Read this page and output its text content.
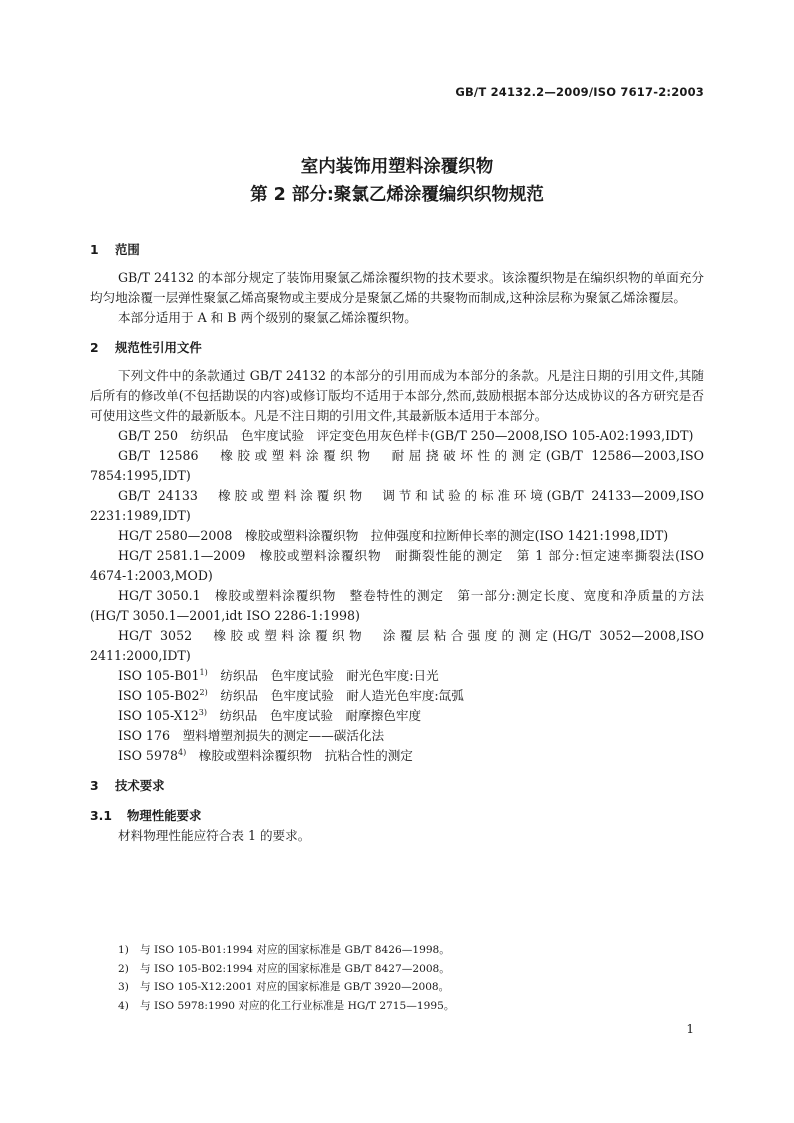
GB/T 24132.2—2009/ISO 7617-2:2003
室内装饰用塑料涂覆织物
第 2 部分:聚氯乙烯涂覆编织织物规范
1 范围

GB/T 24132 的本部分规定了装饰用聚氯乙烯涂覆织物的技术要求。该涂覆织物是在编织织物的单面充分均匀地涂覆一层弹性聚氯乙烯高聚物或主要成分是聚氯乙烯的共聚物而制成,这种涂层称为聚氯乙烯涂覆层。

本部分适用于 A 和 B 两个级别的聚氯乙烯涂覆织物。

2 规范性引用文件

下列文件中的条款通过 GB/T 24132 的本部分的引用而成为本部分的条款。凡是注日期的引用文件,其随后所有的修改单(不包括勘误的内容)或修订版均不适用于本部分,然而,鼓励根据本部分达成协议的各方研究是否可使用这些文件的最新版本。凡是不注日期的引用文件,其最新版本适用于本部分。

GB/T 250　纺织品　色牢度试验　评定变色用灰色样卡(GB/T 250—2008,ISO 105-A02:1993,IDT)

GB/T 12586　橡胶或塑料涂覆织物　耐屈挠破坏性的测定(GB/T 12586—2003,ISO 7854:1995,IDT)

GB/T 24133　橡胶或塑料涂覆织物　调节和试验的标准环境(GB/T 24133—2009,ISO 2231:1989,IDT)

HG/T 2580—2008　橡胶或塑料涂覆织物　拉伸强度和拉断伸长率的测定(ISO 1421:1998,IDT)

HG/T 2581.1—2009　橡胶或塑料涂覆织物　耐撕裂性能的测定　第 1 部分:恒定速率撕裂法(ISO 4674-1:2003,MOD)

HG/T 3050.1　橡胶或塑料涂覆织物　整卷特性的测定　第一部分:测定长度、宽度和净质量的方法(HG/T 3050.1—2001,idt ISO 2286-1:1998)

HG/T 3052　橡胶或塑料涂覆织物　涂覆层粘合强度的测定(HG/T 3052—2008,ISO 2411:2000,IDT)

ISO 105-B01$^{1)}$　纺织品　色牢度试验　耐光色牢度:日光

ISO 105-B02$^{2)}$　纺织品　色牢度试验　耐人造光色牢度:氙弧

ISO 105-X12$^{3)}$　纺织品　色牢度试验　耐摩擦色牢度

ISO 176　塑料增塑剂损失的测定——碳活化法

ISO 5978$^{4)}$　橡胶或塑料涂覆织物　抗粘合性的测定

3 技术要求
3.1 物理性能要求

材料物理性能应符合表 1 的要求。

1) 与 ISO 105-B01:1994 对应的国家标准是 GB/T 8426—1998。
2) 与 ISO 105-B02:1994 对应的国家标准是 GB/T 8427—2008。
3) 与 ISO 105-X12:2001 对应的国家标准是 GB/T 3920—2008。
4) 与 ISO 5978:1990 对应的化工行业标准是 HG/T 2715—1995。
1
